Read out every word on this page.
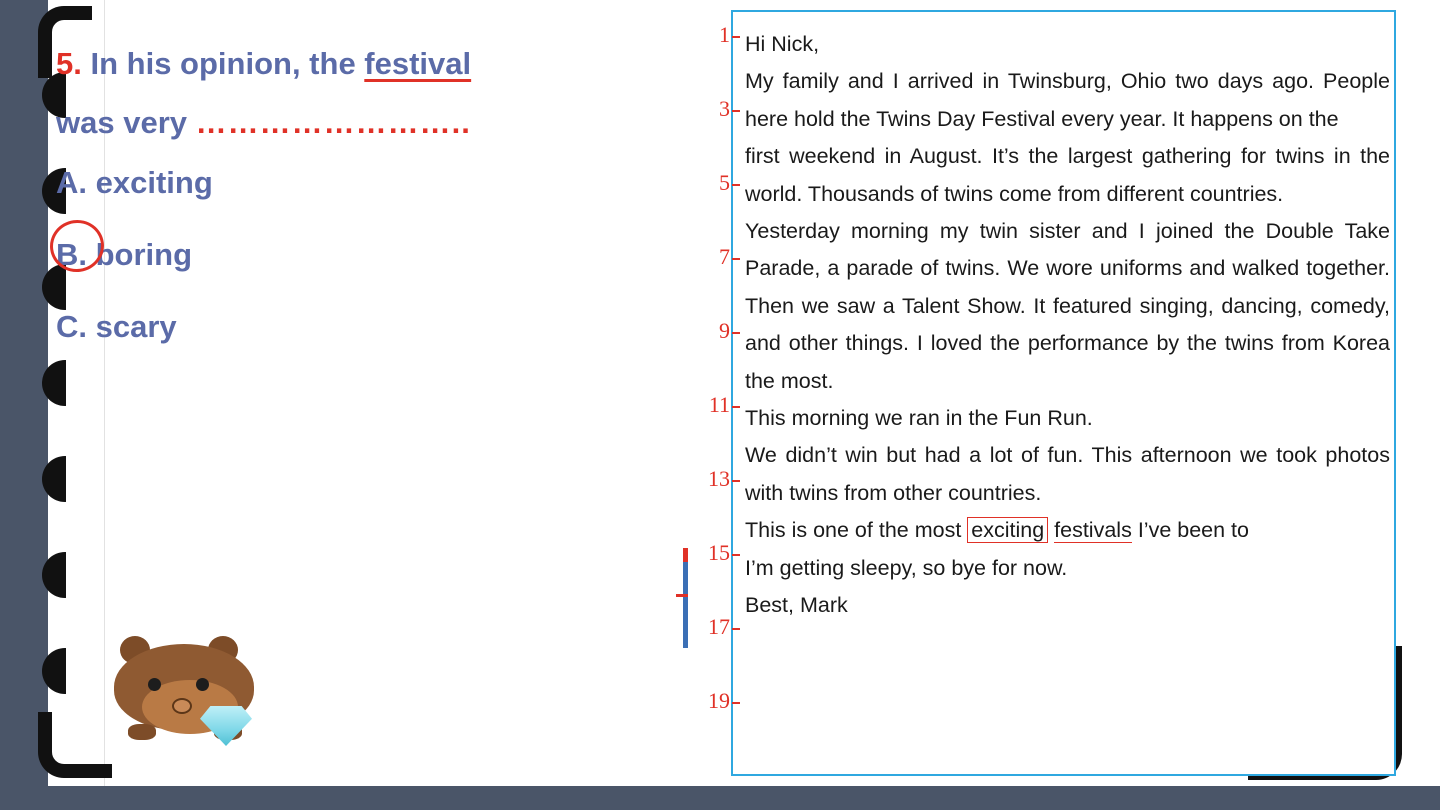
5. In his opinion, the festival
was very ……………………..
A. exciting
B. boring
C. scary
1
3
5
7
9
11
13
15
17
19

Hi Nick,

My family and I arrived in Twinsburg, Ohio two days ago. People here hold the Twins Day Festival every year. It happens on the

first weekend in August. It’s the largest gathering for twins in the world. Thousands of twins come from different countries.

Yesterday morning my twin sister and I joined the Double Take Parade, a parade of twins. We wore uniforms and walked together. Then we saw a Talent Show. It featured singing, dancing, comedy, and other things. I loved the performance by the twins from Korea the most.

This morning we ran in the Fun Run.

We didn’t win but had a lot of fun. This afternoon we took photos with twins from other countries.

This is one of the most exciting festivals I’ve been to

I’m getting sleepy, so bye for now.

Best, Mark
